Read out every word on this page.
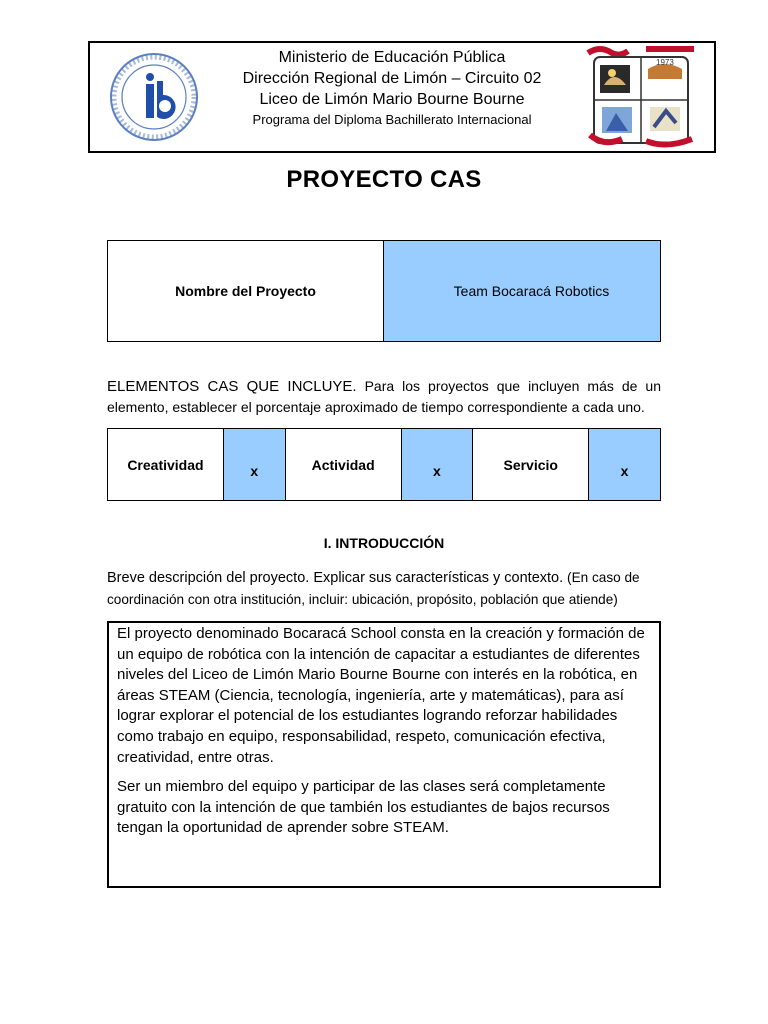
Ministerio de Educación Pública
Dirección Regional de Limón – Circuito 02
Liceo de Limón Mario Bourne Bourne
Programa del Diploma Bachillerato Internacional
1973
PROYECTO CAS
Nombre del Proyecto	Team Bocaracá Robotics
ELEMENTOS CAS QUE INCLUYE. Para los proyectos que incluyen más de un elemento, establecer el porcentaje aproximado de tiempo correspondiente a cada uno.
Creatividad	x	Actividad	x	Servicio	x
I. INTRODUCCIÓN
Breve descripción del proyecto. Explicar sus características y contexto. (En caso de coordinación con otra institución, incluir: ubicación, propósito, población que atiende)

El proyecto denominado Bocaracá School consta en la creación y formación de un equipo de robótica con la intención de capacitar a estudiantes de diferentes niveles del Liceo de Limón Mario Bourne Bourne con interés en la robótica, en áreas STEAM (Ciencia, tecnología, ingeniería, arte y matemáticas), para así lograr explorar el potencial de los estudiantes logrando reforzar habilidades como trabajo en equipo, responsabilidad, respeto, comunicación efectiva, creatividad, entre otras.

Ser un miembro del equipo y participar de las clases será completamente gratuito con la intención de que también los estudiantes de bajos recursos tengan la oportunidad de aprender sobre STEAM.
